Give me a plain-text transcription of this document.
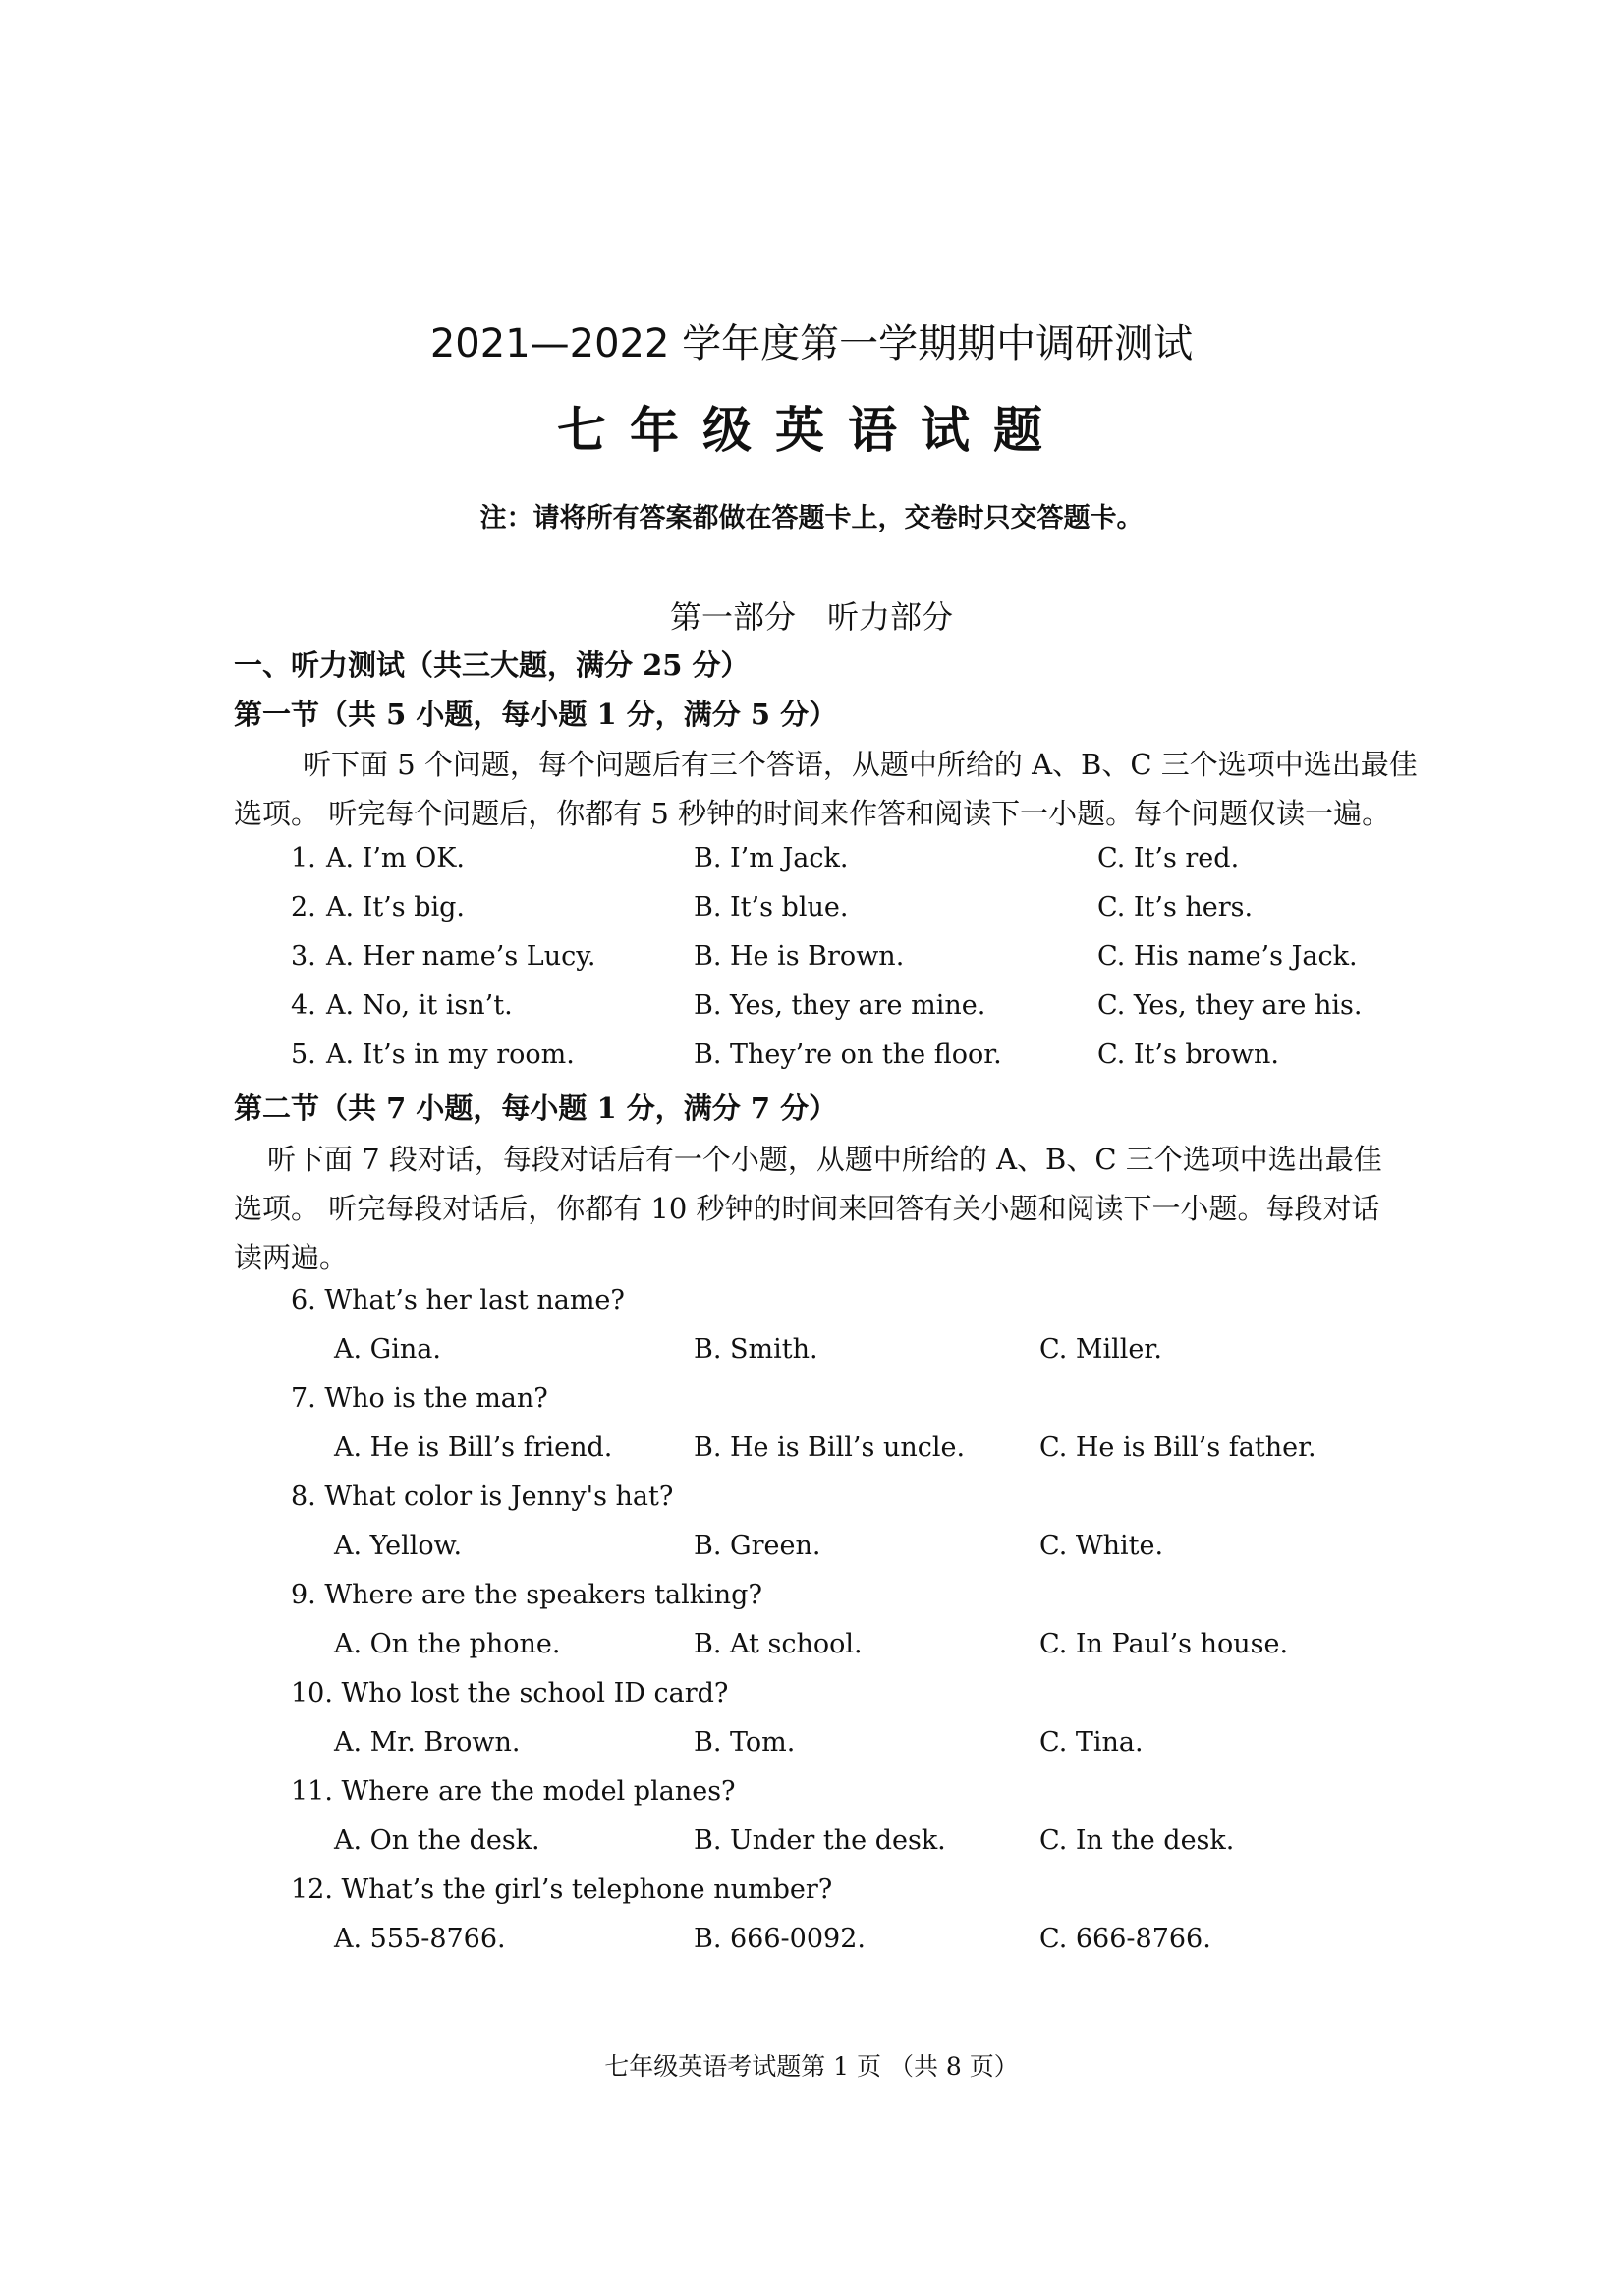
2021—2022 学年度第一学期期中调研测试
七年级英语试题
注：请将所有答案都做在答题卡上，交卷时只交答题卡。
第一部分　听力部分
一、听力测试（共三大题，满分 25 分）
第一节（共 5 小题，每小题 1 分，满分 5 分）
听下面 5 个问题，每个问题后有三个答语，从题中所给的 A、B、C 三个选项中选出最佳
选项。 听完每个问题后，你都有 5 秒钟的时间来作答和阅读下一小题。每个问题仅读一遍。
1. A. I’m OK.	B. I’m Jack.	C. It’s red.
2. A. It’s big.	B. It’s blue.	C. It’s hers.
3. A. Her name’s Lucy.	B. He is Brown.	C. His name’s Jack.
4. A. No, it isn’t.	B. Yes, they are mine.	C. Yes, they are his.
5. A. It’s in my room.	B. They’re on the floor.	C. It’s brown.
第二节（共 7 小题，每小题 1 分，满分 7 分）
听下面 7 段对话，每段对话后有一个小题，从题中所给的 A、B、C 三个选项中选出最佳
选项。 听完每段对话后，你都有 10 秒钟的时间来回答有关小题和阅读下一小题。每段对话
读两遍。
6. What’s her last name?
A. Gina.	B. Smith.	C. Miller.
7. Who is the man?
A. He is Bill’s friend.	B. He is Bill’s uncle.	C. He is Bill’s father.
8. What color is Jenny's hat?
A. Yellow.	B. Green.	C. White.
9. Where are the speakers talking?
A. On the phone.	B. At school.	C. In Paul’s house.
10. Who lost the school ID card?
A. Mr. Brown.	B. Tom.	C. Tina.
11. Where are the model planes?
A. On the desk.	B. Under the desk.	C. In the desk.
12. What’s the girl’s telephone number?
A. 555-8766.	B. 666-0092.	C. 666-8766.
七年级英语考试题第 1 页 （共 8 页）
